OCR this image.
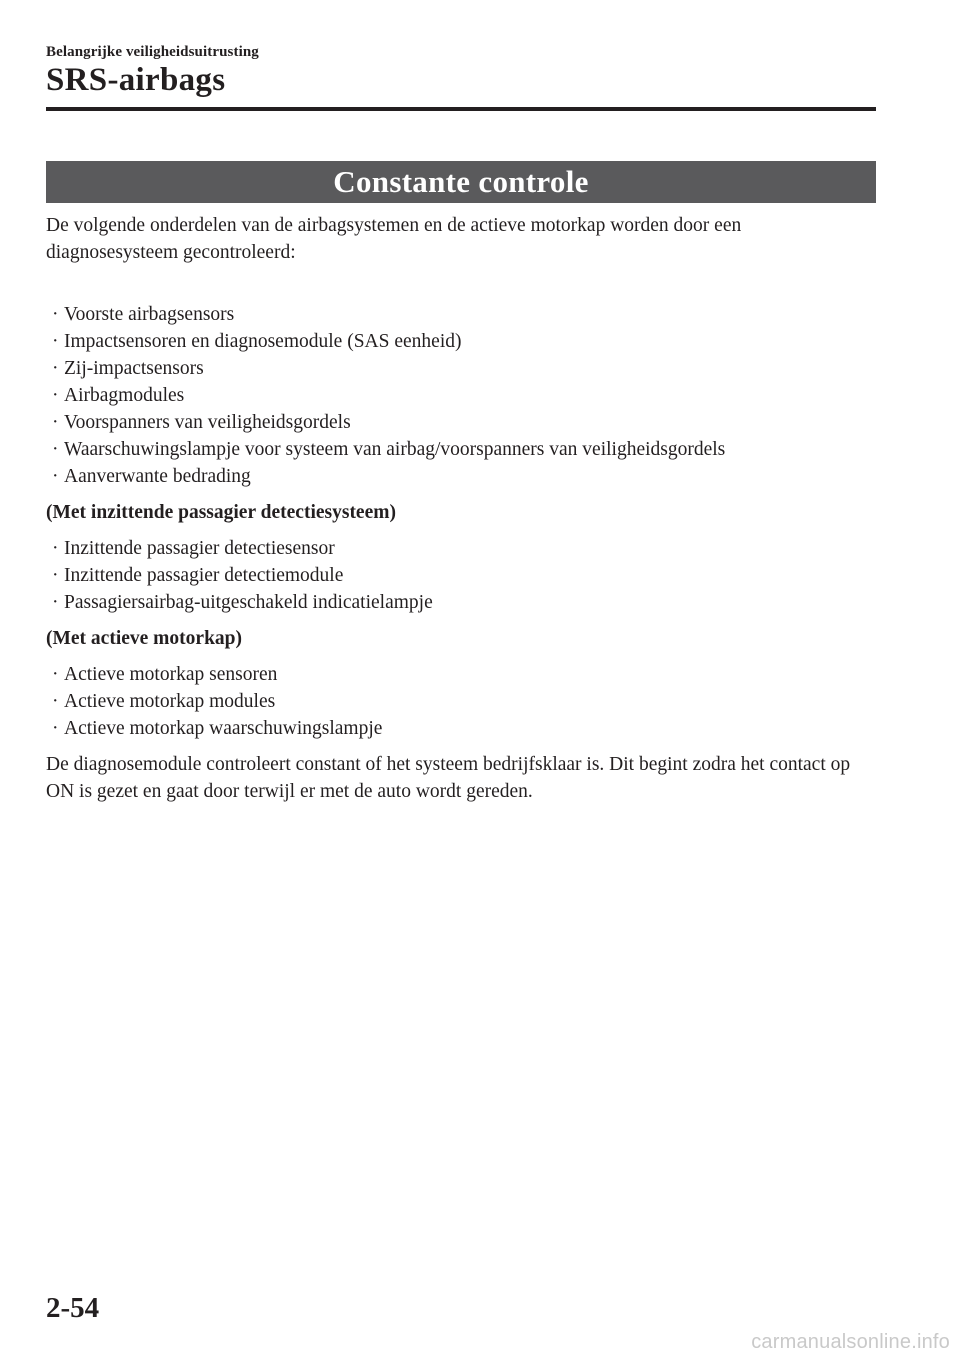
Belangrijke veiligheidsuitrusting
SRS-airbags
Constante controle

De volgende onderdelen van de airbagsystemen en de actieve motorkap worden door een diagnosesysteem gecontroleerd:

· Voorste airbagsensors
· Impactsensoren en diagnosemodule (SAS eenheid)
· Zij-impactsensors
· Airbagmodules
· Voorspanners van veiligheidsgordels
· Waarschuwingslampje voor systeem van airbag/voorspanners van veiligheidsgordels
· Aanverwante bedrading

(Met inzittende passagier detectiesysteem)

· Inzittende passagier detectiesensor
· Inzittende passagier detectiemodule
· Passagiersairbag-uitgeschakeld indicatielampje

(Met actieve motorkap)

· Actieve motorkap sensoren
· Actieve motorkap modules
· Actieve motorkap waarschuwingslampje

De diagnosemodule controleert constant of het systeem bedrijfsklaar is. Dit begint zodra het contact op ON is gezet en gaat door terwijl er met de auto wordt gereden.

2-54
carmanualsonline.info
